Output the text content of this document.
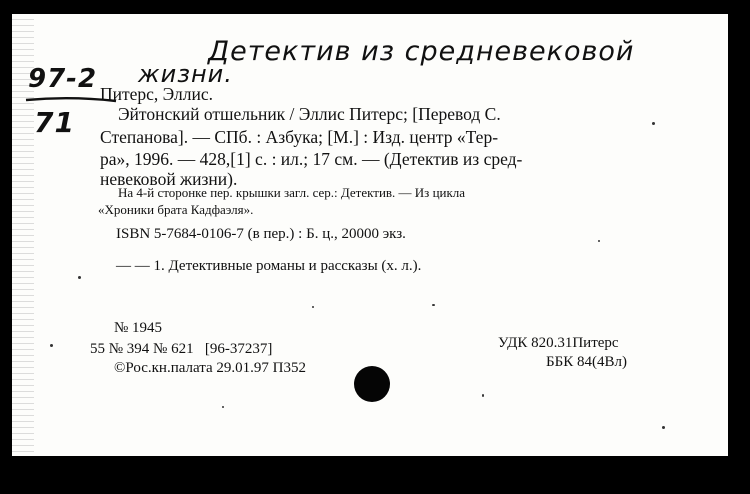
Детектив из средневековой
жизни.
97-2
71
Питерс, Эллис.
Эйтонский отшельник / Эллис Питерс; [Перевод С.
Степанова]. — СПб. : Азбука; [М.] : Изд. центр «Тер-
ра», 1996. — 428,[1] с. : ил.; 17 см. — (Детектив из сред-
невековой жизни).
На 4-й сторонке пер. крышки загл. сер.: Детектив. — Из цикла
«Хроники брата Кадфаэля».
ISBN 5-7684-0106-7 (в пер.) : Б. ц., 20000 экз.
— — 1. Детективные романы и рассказы (х. л.).
№ 1945
55 № 394 № 621   [96-37237]
©Рос.кн.палата 29.01.97 П352
УДК 820.31Питерс
ББК 84(4Вл)
